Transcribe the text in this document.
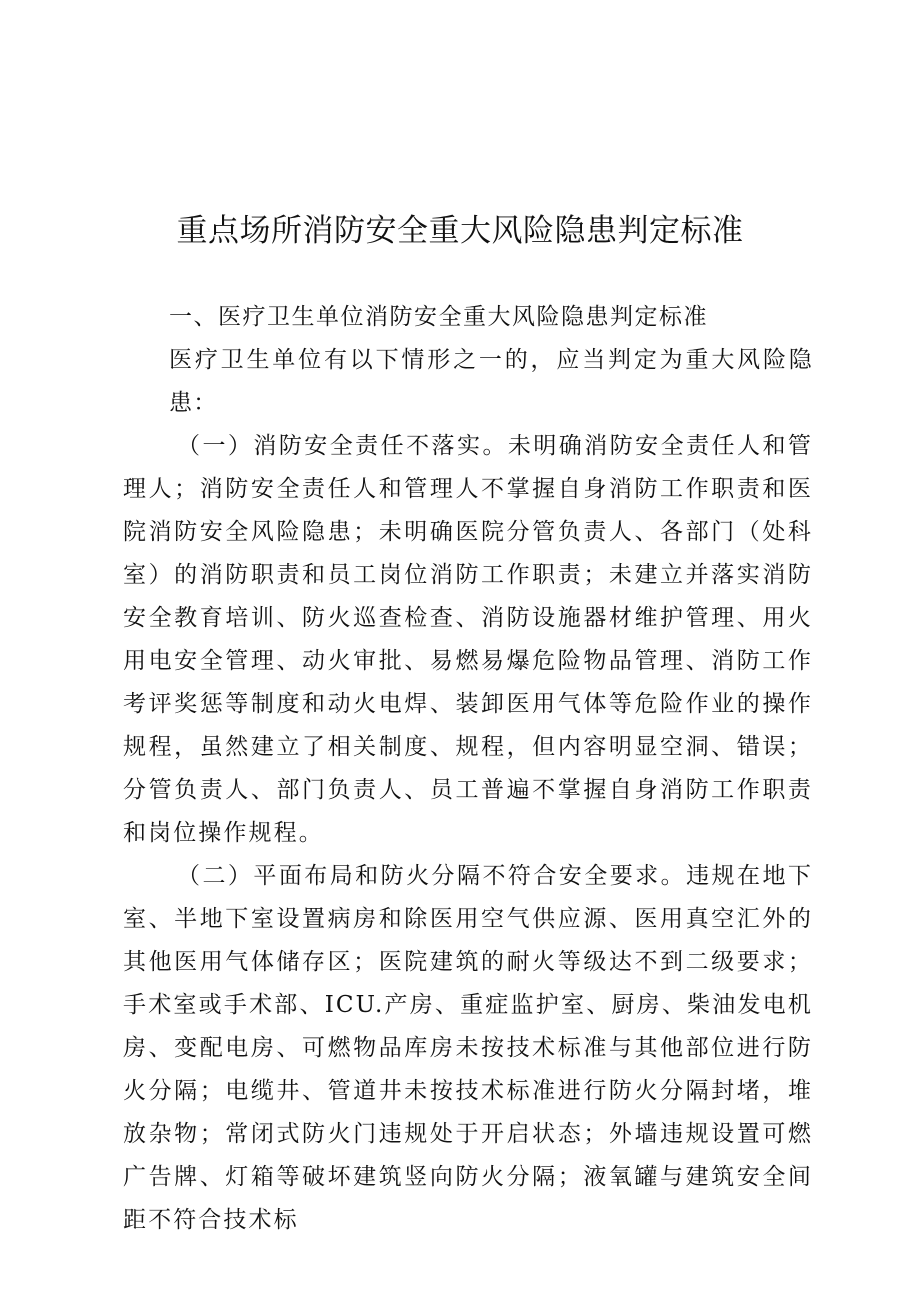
重点场所消防安全重大风险隐患判定标准

一、医疗卫生单位消防安全重大风险隐患判定标准

医疗卫生单位有以下情形之一的，应当判定为重大风险隐患：

（一）消防安全责任不落实。未明确消防安全责任人和管理人；消防安全责任人和管理人不掌握自身消防工作职责和医院消防安全风险隐患；未明确医院分管负责人、各部门（处科室）的消防职责和员工岗位消防工作职责；未建立并落实消防安全教育培训、防火巡查检查、消防设施器材维护管理、用火用电安全管理、动火审批、易燃易爆危险物品管理、消防工作考评奖惩等制度和动火电焊、装卸医用气体等危险作业的操作规程，虽然建立了相关制度、规程，但内容明显空洞、错误；分管负责人、部门负责人、员工普遍不掌握自身消防工作职责和岗位操作规程。

（二）平面布局和防火分隔不符合安全要求。违规在地下室、半地下室设置病房和除医用空气供应源、医用真空汇外的其他医用气体储存区；医院建筑的耐火等级达不到二级要求；手术室或手术部、ICU.产房、重症监护室、厨房、柴油发电机房、变配电房、可燃物品库房未按技术标准与其他部位进行防火分隔；电缆井、管道井未按技术标准进行防火分隔封堵，堆放杂物；常闭式防火门违规处于开启状态；外墙违规设置可燃广告牌、灯箱等破坏建筑竖向防火分隔；液氧罐与建筑安全间距不符合技术标
